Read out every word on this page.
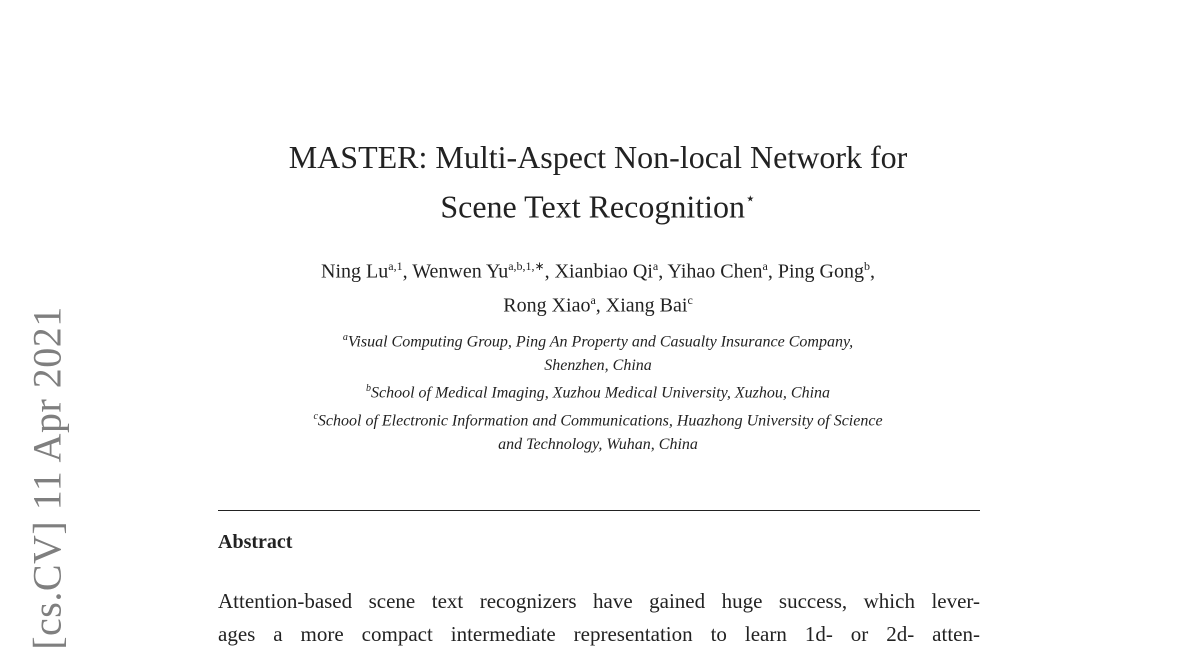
[cs.CV] 11 Apr 2021
MASTER: Multi-Aspect Non-local Network for
Scene Text Recognition⋆
Ning Lu$^{a,1}$, Wenwen $Yu^{a,b,1,∗}$, Xianbiao Qi$^a$, Yihao Chen$^a$, Ping Gong$^b$,
Rong Xiao$^a$, Xiang Bai$^c$
$^a$Visual Computing Group, Ping An Property and Casualty Insurance Company,
Shenzhen, China
$^b$School of Medical Imaging, Xuzhou Medical University, Xuzhou, China
$^c$School of Electronic Information and Communications, Huazhong University of Science
and Technology, Wuhan, China
Abstract
Attention-based scene text recognizers have gained huge success, which lever-
ages a more compact intermediate representation to learn 1d- or 2d- atten-
